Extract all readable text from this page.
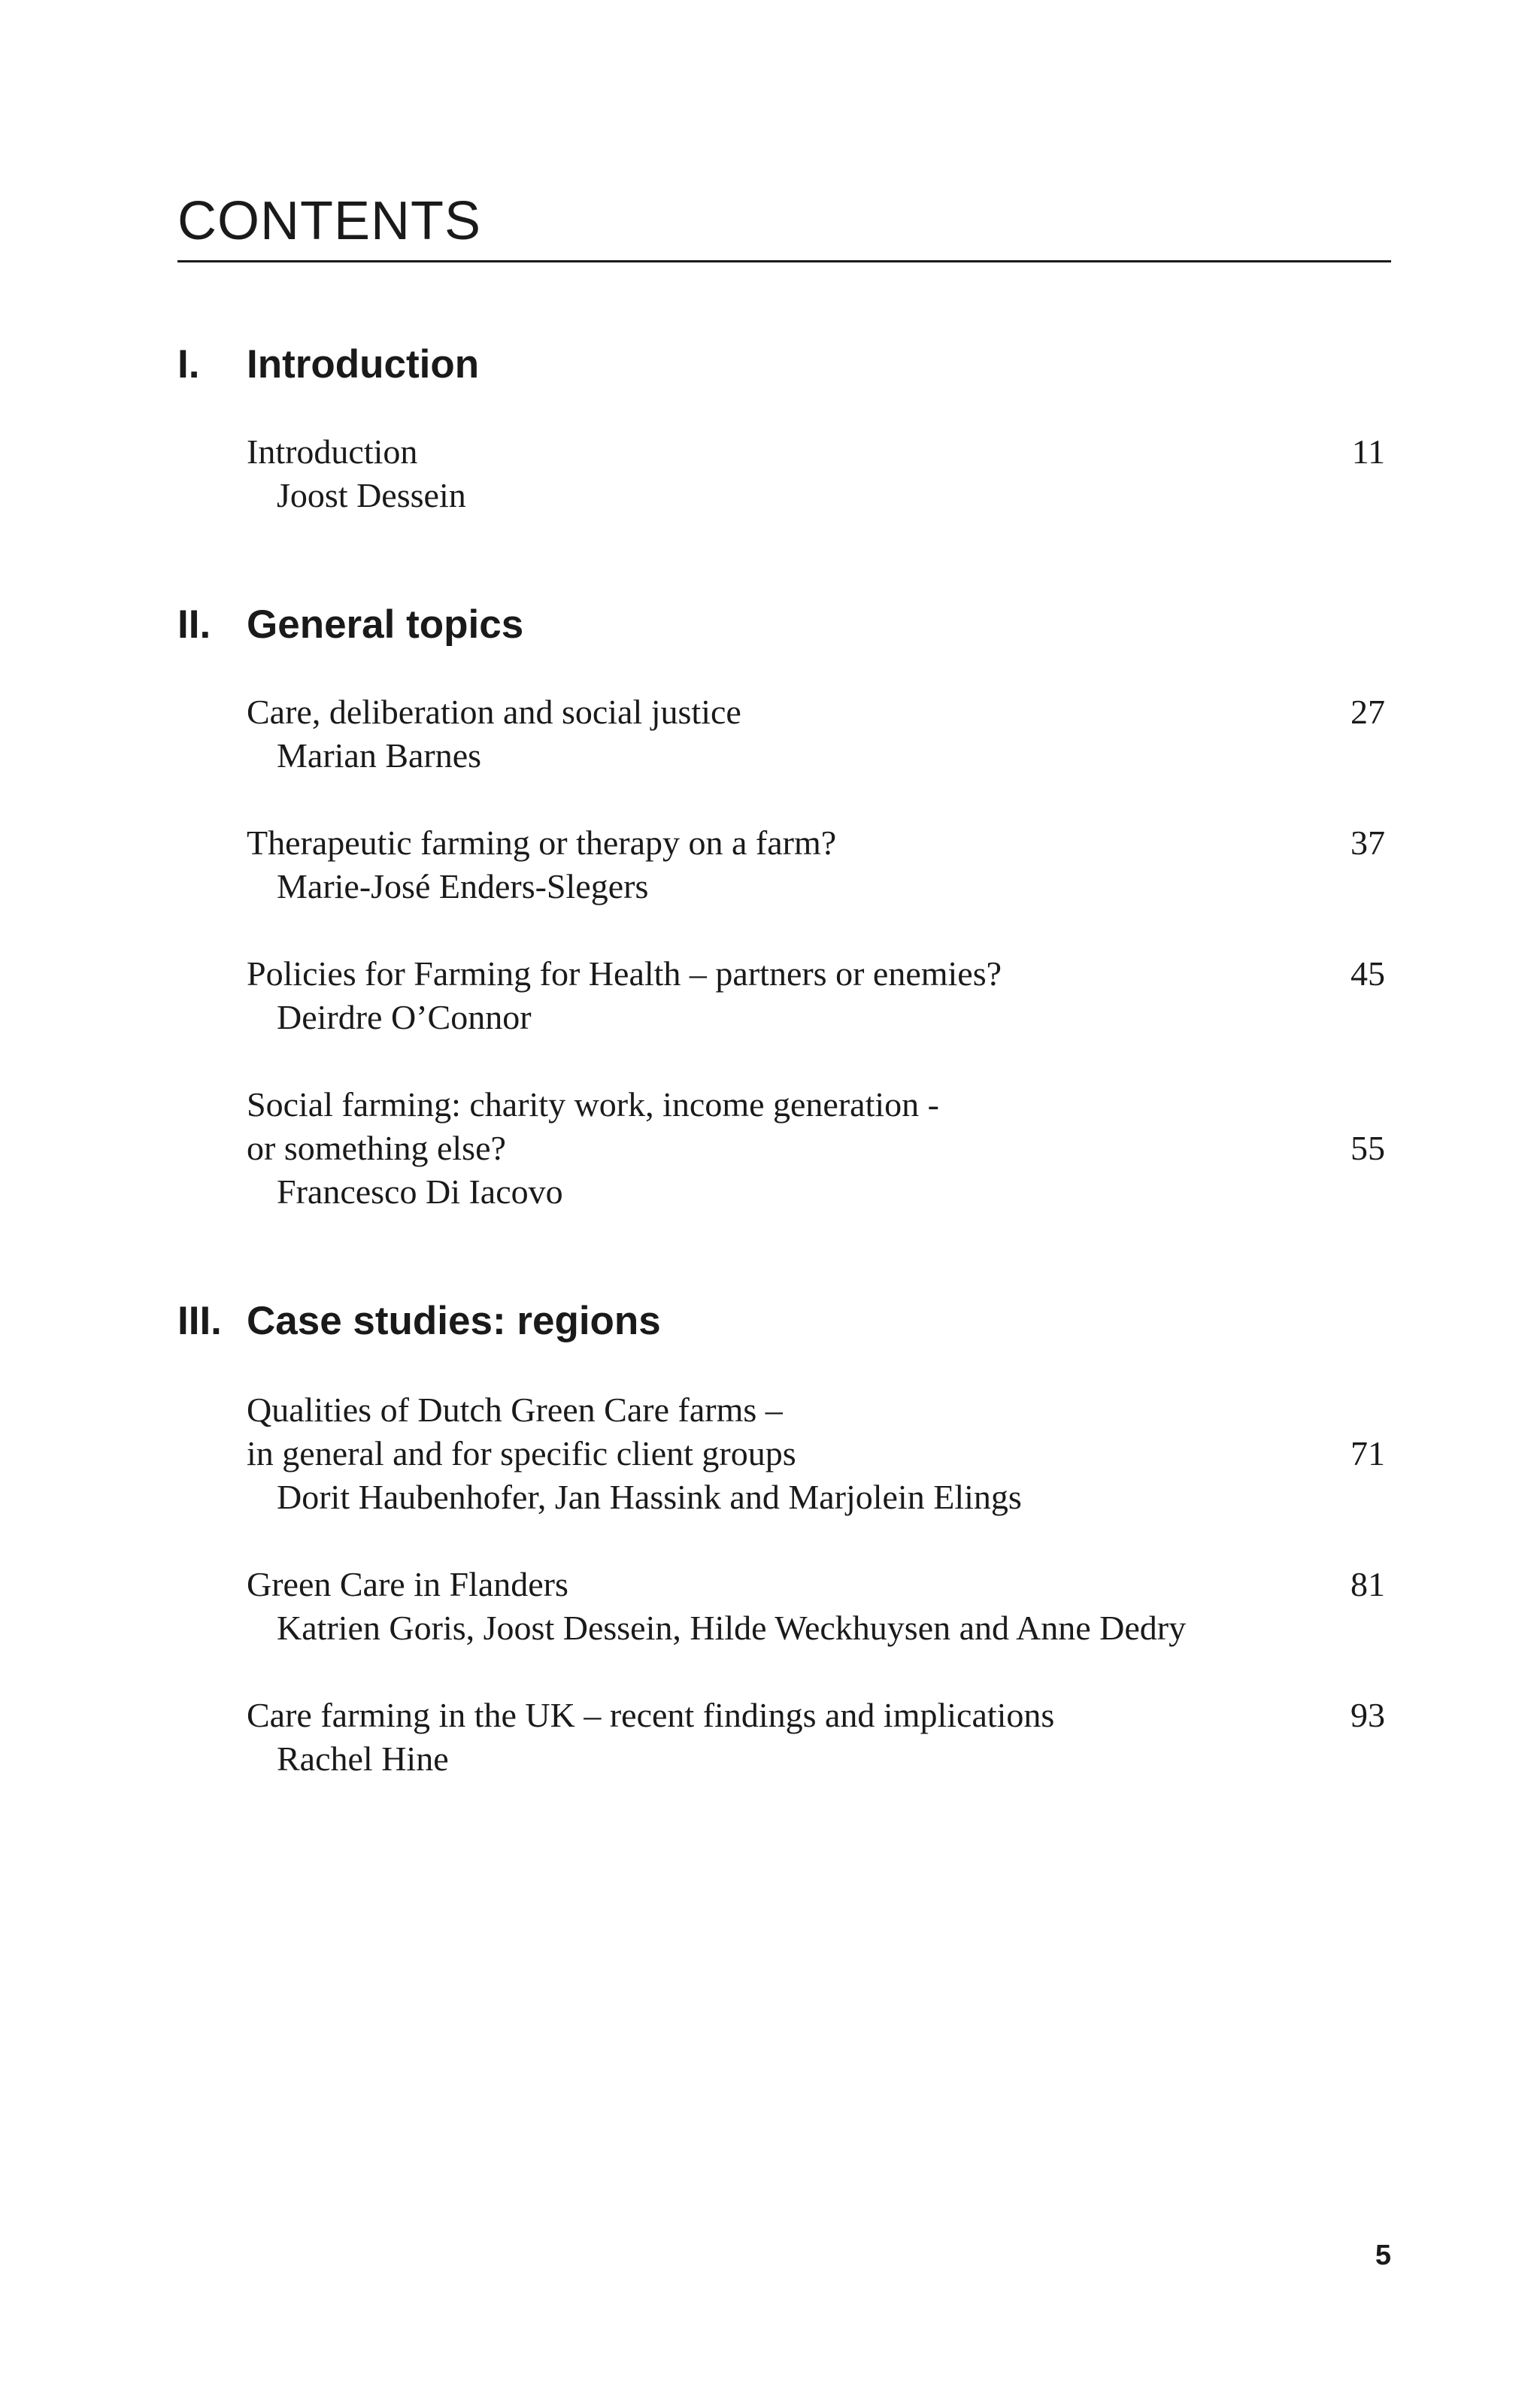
CONTENTS
I. Introduction
Introduction
Joost Dessein
11
II. General topics
Care, deliberation and social justice
Marian Barnes
27
Therapeutic farming or therapy on a farm?
Marie-José Enders-Slegers
37
Policies for Farming for Health – partners or enemies?
Deirdre O’Connor
45
Social farming: charity work, income generation -
or something else?
Francesco Di Iacovo
55
III. Case studies: regions
Qualities of Dutch Green Care farms –
in general and for specific client groups
Dorit Haubenhofer, Jan Hassink and Marjolein Elings
71
Green Care in Flanders
Katrien Goris, Joost Dessein, Hilde Weckhuysen and Anne Dedry
81
Care farming in the UK – recent findings and implications
Rachel Hine
93
5
